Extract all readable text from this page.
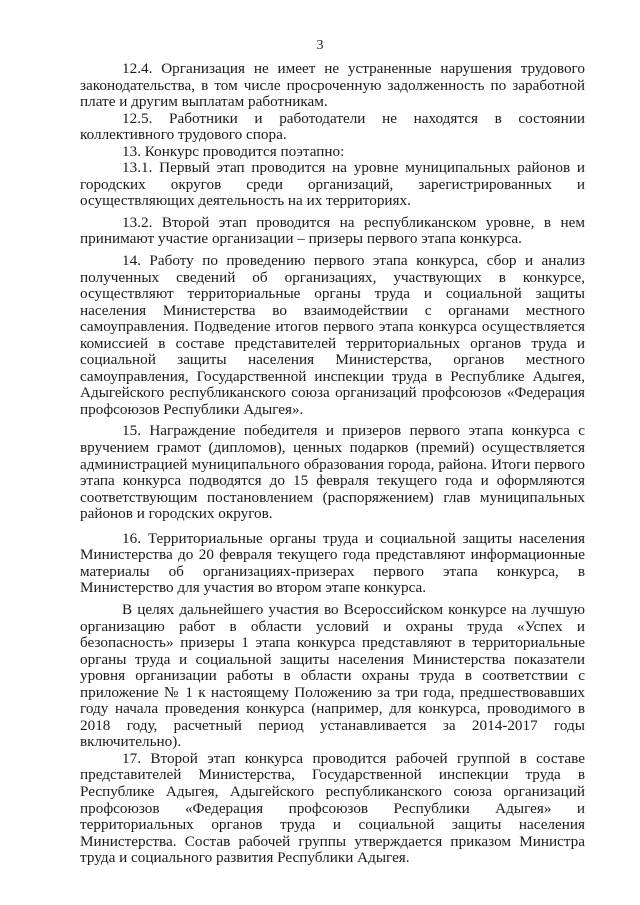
3

12.4. Организация не имеет не устраненные нарушения трудового законодательства, в том числе просроченную задолженность по заработной плате и другим выплатам работникам.

12.5. Работники и работодатели не находятся в состоянии коллективного трудового спора.

13. Конкурс проводится поэтапно:

13.1. Первый этап проводится на уровне муниципальных районов и городских округов среди организаций, зарегистрированных и осуществляющих деятельность на их территориях.

13.2. Второй этап проводится на республиканском уровне, в нем принимают участие организации – призеры первого этапа конкурса.

14. Работу по проведению первого этапа конкурса, сбор и анализ полученных сведений об организациях, участвующих в конкурсе, осуществляют территориальные органы труда и социальной защиты населения Министерства во взаимодействии с органами местного самоуправления. Подведение итогов первого этапа конкурса осуществляется комиссией в составе представителей территориальных органов труда и социальной защиты населения Министерства, органов местного самоуправления, Государственной инспекции труда в Республике Адыгея, Адыгейского республиканского союза организаций профсоюзов «Федерация профсоюзов Республики Адыгея».

15. Награждение победителя и призеров первого этапа конкурса с вручением грамот (дипломов), ценных подарков (премий) осуществляется администрацией муниципального образования города, района. Итоги первого этапа конкурса подводятся до 15 февраля текущего года и оформляются соответствующим постановлением (распоряжением) глав муниципальных районов и городских округов.

16. Территориальные органы труда и социальной защиты населения Министерства до 20 февраля текущего года представляют информационные материалы об организациях-призерах первого этапа конкурса, в Министерство для участия во втором этапе конкурса.

В целях дальнейшего участия во Всероссийском конкурсе на лучшую организацию работ в области условий и охраны труда «Успех и безопасность» призеры 1 этапа конкурса представляют в территориальные органы труда и социальной защиты населения Министерства показатели уровня организации работы в области охраны труда в соответствии с приложение № 1 к настоящему Положению за три года, предшествовавших году начала проведения конкурса (например, для конкурса, проводимого в 2018 году, расчетный период устанавливается за 2014-2017 годы включительно).

17. Второй этап конкурса проводится рабочей группой в составе представителей Министерства, Государственной инспекции труда в Республике Адыгея, Адыгейского республиканского союза организаций профсоюзов «Федерация профсоюзов Республики Адыгея» и территориальных органов труда и социальной защиты населения Министерства. Состав рабочей группы утверждается приказом Министра труда и социального развития Республики Адыгея.
